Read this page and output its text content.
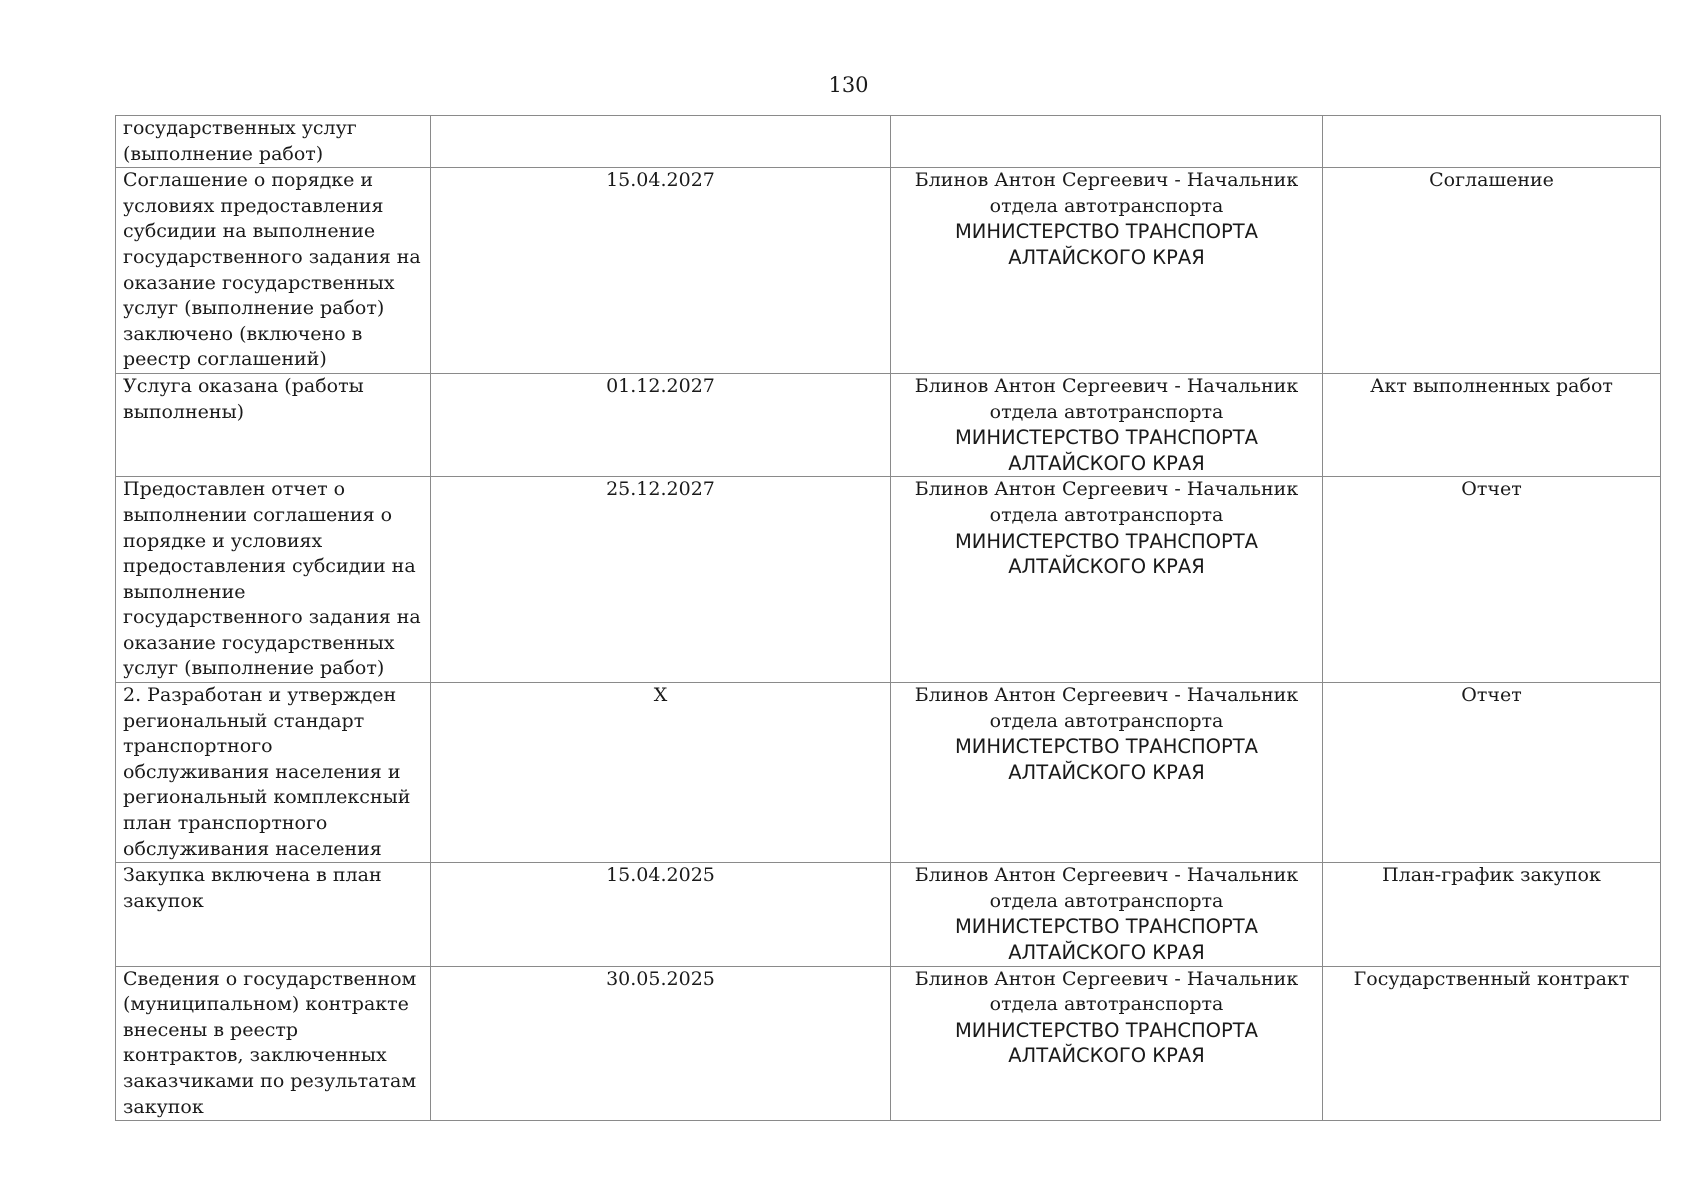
130
государственных услуг (выполнение работ)			
Соглашение о порядке и условиях предоставления субсидии на выполнение государственного задания на оказание государственных услуг (выполнение работ) заключено (включено в реестр соглашений)	15.04.2027	Блинов Антон Сергеевич - Начальник
отдела автотранспорта
МИНИСТЕРСТВО ТРАНСПОРТА
АЛТАЙСКОГО КРАЯ	Соглашение
Услуга оказана (работы выполнены)	01.12.2027	Блинов Антон Сергеевич - Начальник
отдела автотранспорта
МИНИСТЕРСТВО ТРАНСПОРТА
АЛТАЙСКОГО КРАЯ	Акт выполненных работ
Предоставлен отчет о выполнении соглашения о порядке и условиях предоставления субсидии на выполнение государственного задания на оказание государственных услуг (выполнение работ)	25.12.2027	Блинов Антон Сергеевич - Начальник
отдела автотранспорта
МИНИСТЕРСТВО ТРАНСПОРТА
АЛТАЙСКОГО КРАЯ	Отчет
2. Разработан и утвержден региональный стандарт транспортного обслуживания населения и региональный комплексный план транспортного обслуживания населения	X	Блинов Антон Сергеевич - Начальник
отдела автотранспорта
МИНИСТЕРСТВО ТРАНСПОРТА
АЛТАЙСКОГО КРАЯ	Отчет
Закупка включена в план закупок	15.04.2025	Блинов Антон Сергеевич - Начальник
отдела автотранспорта
МИНИСТЕРСТВО ТРАНСПОРТА
АЛТАЙСКОГО КРАЯ	План-график закупок
Сведения о государственном (муниципальном) контракте внесены в реестр контрактов, заключенных заказчиками по результатам закупок	30.05.2025	Блинов Антон Сергеевич - Начальник
отдела автотранспорта
МИНИСТЕРСТВО ТРАНСПОРТА
АЛТАЙСКОГО КРАЯ	Государственный контракт
